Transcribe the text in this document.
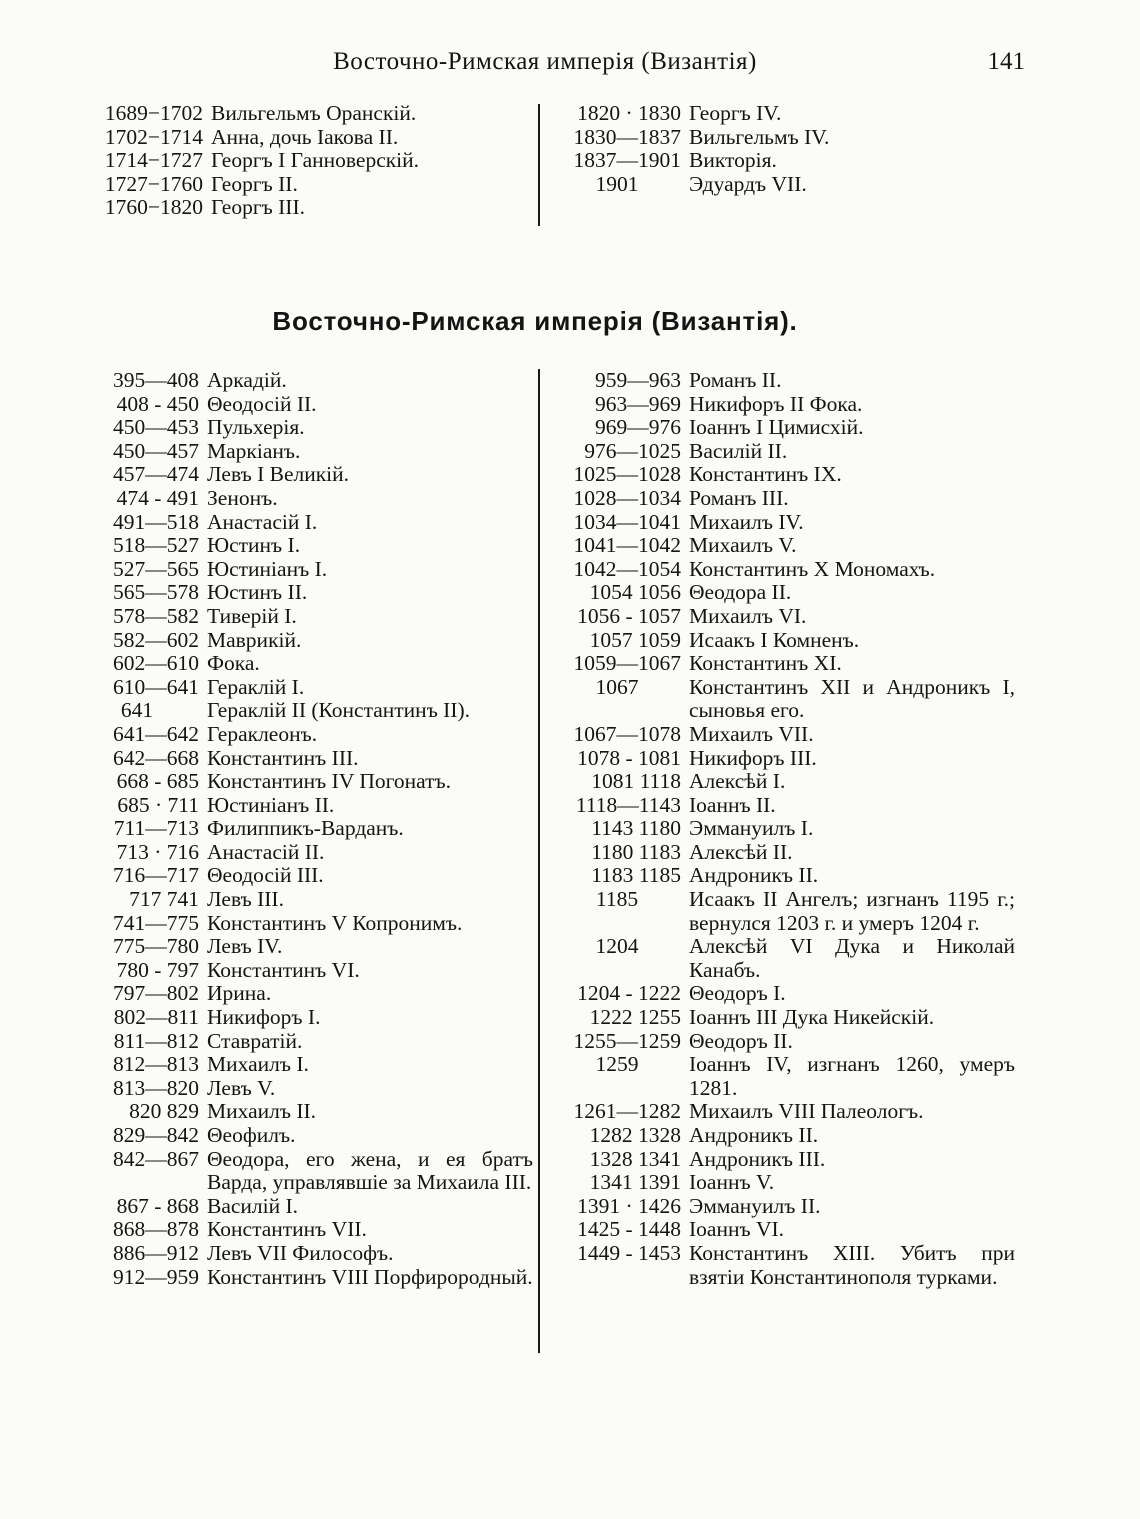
Восточно-Римская имперія (Византія)	141
1689−1702 Вильгельмъ Оранскій.
1702−1714 Анна, дочь Іакова II.
1714−1727 Георгъ I Ганноверскій.
1727−1760 Георгъ II.
1760−1820 Георгъ III.
1820 · 1830 Георгъ IV.
1830—1837 Вильгельмъ IV.
1837—1901 Викторія.
1901	Эдуардъ VII.
Восточно-Римская имперія (Византія).
395—408 Аркадій.
408 - 450 Θеодосій II.
450—453 Пульхерія.
450—457 Маркіанъ.
457—474 Левъ I Великій.
474 - 491 Зенонъ.
491—518 Анастасій I.
518—527 Юстинъ I.
527—565 Юстиніанъ I.
565—578 Юстинъ II.
578—582 Тиверій I.
582—602 Маврикій.
602—610 Фока.
610—641 Гераклій I.
641	Гераклій II (Константинъ II).
641—642 Гераклеонъ.
642—668 Константинъ III.
668 - 685 Константинъ IV Погонатъ.
685 · 711 Юстиніанъ II.
711—713 Филиппикъ-Варданъ.
713 · 716 Анастасій II.
716—717 Θеодосій III.
717 741 Левъ III.
741—775 Константинъ V Копронимъ.
775—780 Левъ IV.
780 - 797 Константинъ VI.
797—802 Ирина.
802—811 Никифоръ I.
811—812 Ставратій.
812—813 Михаилъ I.
813—820 Левъ V.
820 829 Михаилъ II.
829—842 Θеофилъ.
842—867 Θеодора, его жена, и ея братъ Варда, управлявшіе за Михаила III.
867 - 868 Василій I.
868—878 Константинъ VII.
886—912 Левъ VII Философъ.
912—959 Константинъ VIII Порфирородный.
959—963 Романъ II.
963—969 Никифоръ II Фока.
969—976 Іоаннъ I Цимисхій.
976—1025 Василій II.
1025—1028 Константинъ IX.
1028—1034 Романъ III.
1034—1041 Михаилъ IV.
1041—1042 Михаилъ V.
1042—1054 Константинъ X Мономахъ.
1054 1056 Θеодора II.
1056 - 1057 Михаилъ VI.
1057 1059 Исаакъ I Комненъ.
1059—1067 Константинъ XI.
1067	Константинъ XII и Андроникъ I, сыновья его.
1067—1078 Михаилъ VII.
1078 - 1081 Никифоръ III.
1081 1118 Алексѣй I.
1118—1143 Іоаннъ II.
1143 1180 Эммануилъ I.
1180 1183 Алексѣй II.
1183 1185 Андроникъ II.
1185	Исаакъ II Ангелъ; изгнанъ 1195 г.; вернулся 1203 г. и умеръ 1204 г.
1204	Алексѣй VI Дука и Николай Канабъ.
1204 - 1222 Θеодоръ I.
1222 1255 Іоаннъ III Дука Никейскій.
1255—1259 Θеодоръ II.
1259	Іоаннъ IV, изгнанъ 1260, умеръ 1281.
1261—1282 Михаилъ VIII Палеологъ.
1282 1328 Андроникъ II.
1328 1341 Андроникъ III.
1341 1391 Іоаннъ V.
1391 · 1426 Эммануилъ II.
1425 - 1448 Іоаннъ VI.
1449 - 1453 Константинъ XIII. Убитъ при взятіи Константинополя турками.
